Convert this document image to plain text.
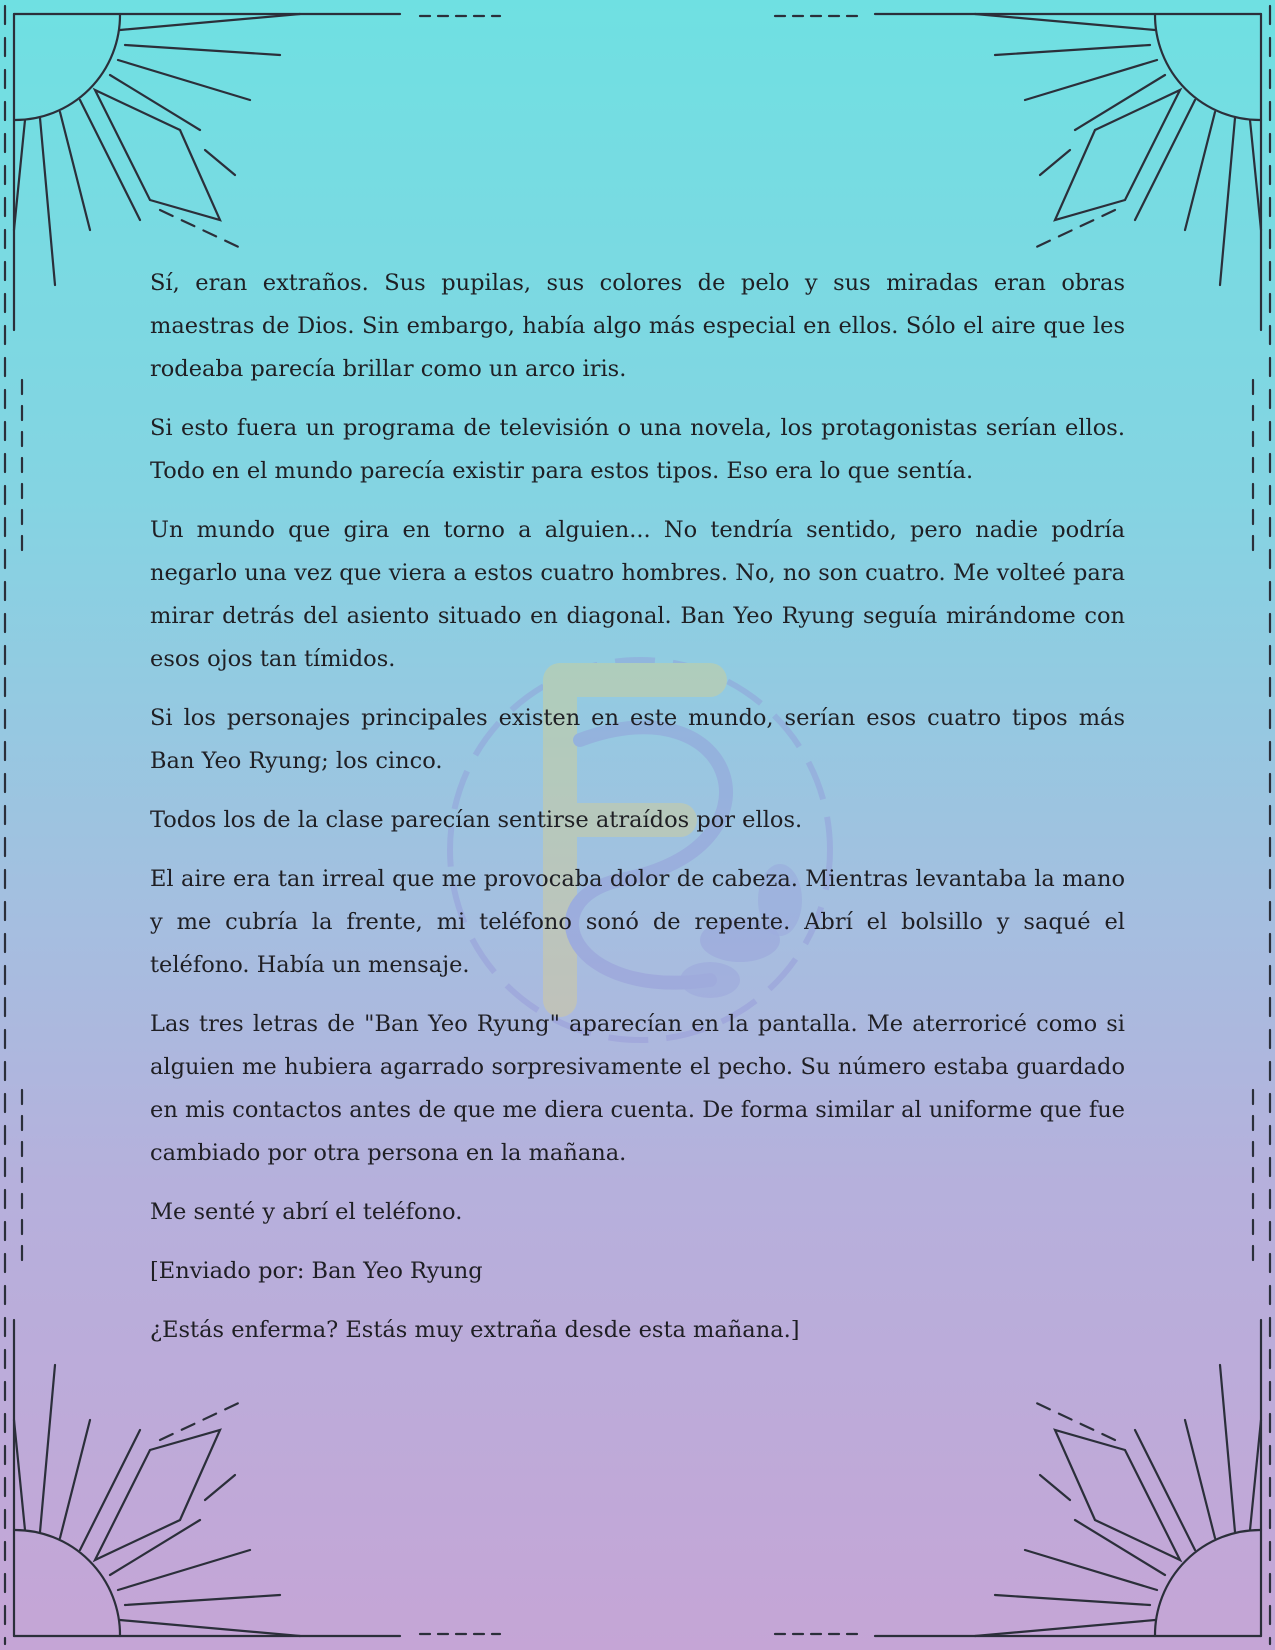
Sí, eran extraños. Sus pupilas, sus colores de pelo y sus miradas eran obras maestras de Dios. Sin embargo, había algo más especial en ellos. Sólo el aire que les rodeaba parecía brillar como un arco iris.

Si esto fuera un programa de televisión o una novela, los protagonistas serían ellos. Todo en el mundo parecía existir para estos tipos. Eso era lo que sentía.

Un mundo que gira en torno a alguien... No tendría sentido, pero nadie podría negarlo una vez que viera a estos cuatro hombres. No, no son cuatro. Me volteé para mirar detrás del asiento situado en diagonal. Ban Yeo Ryung seguía mirándome con esos ojos tan tímidos.

Si los personajes principales existen en este mundo, serían esos cuatro tipos más Ban Yeo Ryung; los cinco.

Todos los de la clase parecían sentirse atraídos por ellos.

El aire era tan irreal que me provocaba dolor de cabeza. Mientras levantaba la mano y me cubría la frente, mi teléfono sonó de repente. Abrí el bolsillo y saqué el teléfono. Había un mensaje.

Las tres letras de "Ban Yeo Ryung" aparecían en la pantalla. Me aterroricé como si alguien me hubiera agarrado sorpresivamente el pecho. Su número estaba guardado en mis contactos antes de que me diera cuenta. De forma similar al uniforme que fue cambiado por otra persona en la mañana.

Me senté y abrí el teléfono.

[Enviado por: Ban Yeo Ryung

¿Estás enferma? Estás muy extraña desde esta mañana.]
